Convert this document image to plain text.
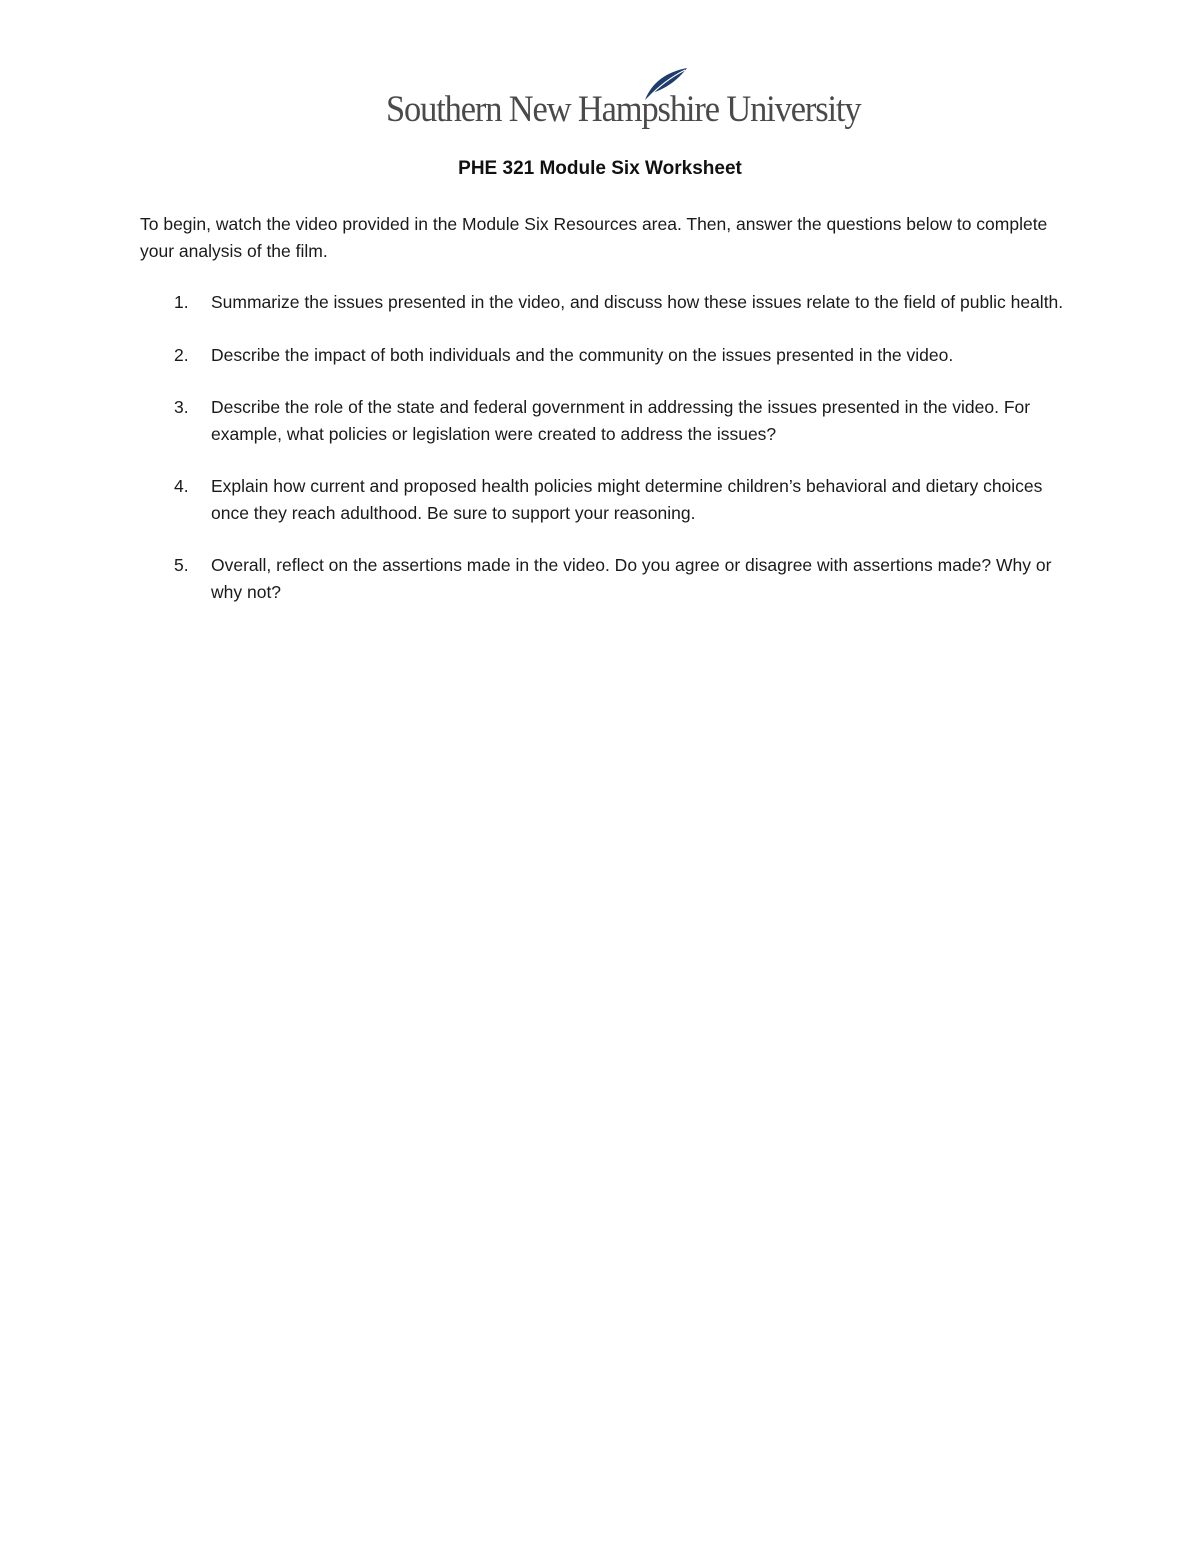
Southern New Hampshire University
PHE 321 Module Six Worksheet
To begin, watch the video provided in the Module Six Resources area. Then, answer the questions below to complete your analysis of the film.
1. Summarize the issues presented in the video, and discuss how these issues relate to the field of public health.
2. Describe the impact of both individuals and the community on the issues presented in the video.
3. Describe the role of the state and federal government in addressing the issues presented in the video. For example, what policies or legislation were created to address the issues?
4. Explain how current and proposed health policies might determine children’s behavioral and dietary choices once they reach adulthood. Be sure to support your reasoning.
5. Overall, reflect on the assertions made in the video. Do you agree or disagree with assertions made? Why or why not?
